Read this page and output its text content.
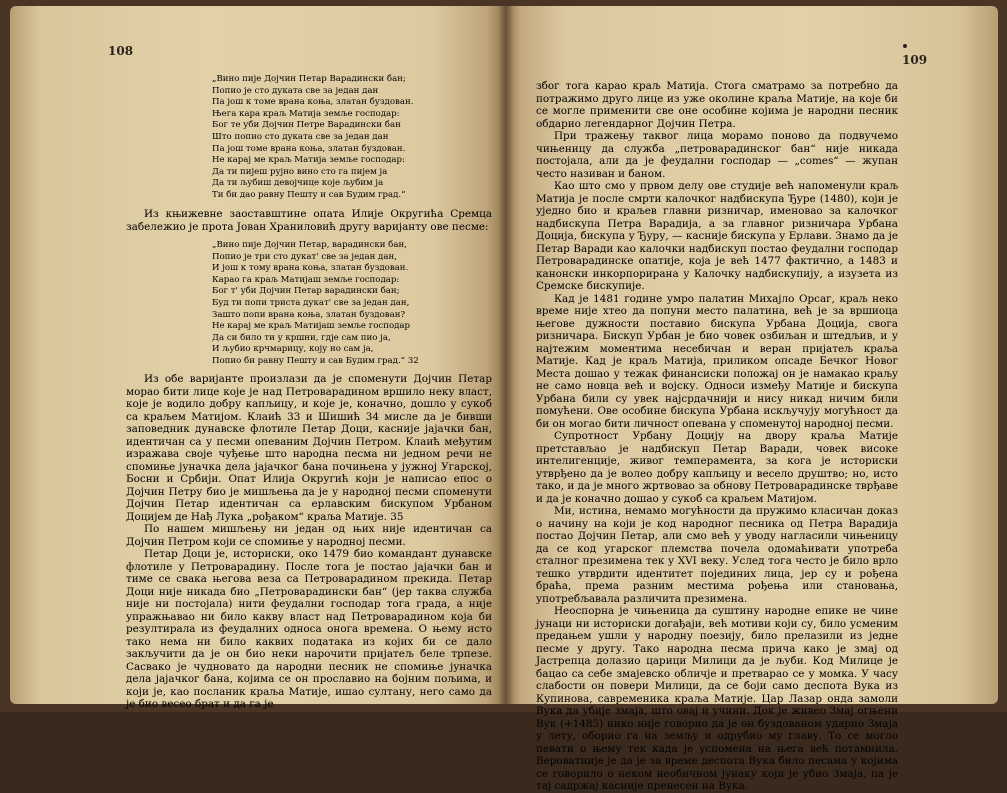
108
109
„Вино пије Дојчин Петар Варадински бан;
Попио је сто дуката све за један дан
Па још к томе врана коња, златан буздован.
Њега кара краљ Матија земље господар:
Бог те уби Дојчин Петре Варадински бан
Што попио сто дуката све за један дан
Па још томе врана коња, златан буздован.
Не карај ме краљ Матија земље господар:
Да ти пијеш рујно вино сто га пијем ја
Да ти љубиш девојчице које љубим ја
Ти би дао равну Пешту и сав Будим град.“

Из књижевне заоставштине опата Илије Округића Сремца забележио је прота Јован Храниловић другу варијанту ове песме:

„Вино пије Дојчин Петар, варадински бан,
Попио је три сто дукат' све за један дан,
И још к тому врана коња, златан буздован.
Карао га краљ Матијаш земље господар:
Бог т' уби Дојчин Петар варадински бан;
Буд ти попи триста дукат' све за један дан,
Зашто попи врана коња, златан буздован?
Не карај ме краљ Матијаш земље господар
Да си било ти у кршни, гдје сам пио ја,
И љубио крчмарицу, коју но сам ја,
Попио би равну Пешту и сав Будим град.“ 32

Из обе варијанте произлази да је споменути Дојчин Петар морао бити лице које је над Петроварадином вршило неку власт, које је водило добру капљицу, и које је, коначно, дошло у сукоб са краљем Матијом. Клаић 33 и Шишић 34 мисле да је бивши заповедник дунавске флотиле Петар Доци, касније јајачки бан, идентичан са у песми опеваним Дојчин Петром. Клаић међутим изражава своје чуђење што народна песма ни једном речи не спомиње јуначка дела јајачког бана почињена у јужној Угарској, Босни и Србији. Опат Илија Округић који је написао епос о Дојчин Петру био је мишљења да је у народној песми споменути Дојчин Петар идентичан са ерлавским бискупом Урбаном Доцијем де Нађ Лука „рођаком“ краља Матије. 35

По нашем мишљењу ни један од њих није идентичан са Дојчин Петром који се спомиње у народној песми.

Петар Доци је, историски, око 1479 био командант дунавске флотиле у Петроварадину. После тога је постао јајачки бан и тиме се свака његова веза са Петроварадином прекида. Петар Доци није никада био „Петроварадински бан“ (јер таква служба није ни постојала) нити феудални господар тога града, а није упражњавао ни било какву власт над Петроварадином која би резултирала из феудалних односа оногa времена. О њему исто тако нема ни било каквих података из којих би се дало закључити да је он био неки нарочити пријатељ беле трпезе. Сасвако је чудновато да народни песник не спомиње јуначка дела јајачког бана, којима се он прославио на бојним пољима, и који је, као посланик краља Матије, ишао султану, него само да је био весео брат и да га је

због тога карао краљ Матија. Стога сматрамо за потребно да потражимо друго лице из уже околине краља Матије, на које би се могле применити све оне особине којима је народни песник обдарио легендарног Дојчин Петра.

При тражењу таквог лица морамо поново да подвучемо чињеницу да служба „петроварадинског бан“ није никада постојала, али да је феудални господар — „comes“ — жупан често називан и баном.

Као што смо у првом делу ове студије већ напоменули краљ Матија је после смрти калочког надбискупа Ђуре (1480), који је уједно био и краљев главни ризничар, именовао за калочког надбискупа Петра Варадија, а за главног ризничара Урбана Доција, бискупа у Ђуру, — касније бискупа у Ерлави. Знамо да је Петар Варади као калочки надбискуп постао феудални господар Петроварадинске опатије, која је већ 1477 фактично, а 1483 и канонски инкорпорирана у Калочку надбискупију, а изузета из Сремске бискупије.

Кад је 1481 године умро палатин Михајло Орсаг, краљ неко време није хтео да попуни место палатина, већ је за вршиоца његове дужности поставио бискупа Урбана Доција, свога ризничара. Бискуп Урбан је био човек озбиљан и штедљив, и у најтежим моментима несебичан и веран пријатељ краља Матије. Кад је краљ Матија, приликом опсаде Бечког Новог Места дошао у тежак финансиски положај он је намакао краљу не само новца већ и војску. Односи између Матије и бискупа Урбана били су увек најсрдачнији и нису никад ничим били помућени. Ове особине бискупа Урбана искључују могућност да би он могао бити личност опевана у споменутој народној песми.

Супротност Урбану Доцију на двору краља Матије претстављао је надбискуп Петар Варади, човек високе интелигенције, живог темперамента, за кога је историски утврђено да је волео добру капљицу и весело друштво; но, исто тако, и да је много жртвовао за обнову Петроварадинске тврђаве и да је коначно дошао у сукоб са краљем Матијом.

Ми, истина, немамо могућности да пружимо класичан доказ о начину на који је код народног песника од Петра Варадија постао Дојчин Петар, али смо већ у уводу нагласили чињеницу да се код угарског племства почела одомаћивати употреба сталног презимена тек у XVI веку. Услед тога често је било врло тешко утврдити идентитет појединих лица, јер су и рођена браћа, према разним местима рођења или становања, употребљавала различита презимена.

Неоспорна је чињеница да суштину народне епике не чине јунаци ни историски догађаји, већ мотиви који су, било усменим предањем ушли у народну поезију, било прелазили из једне песме у другу. Тако народна песма прича како је змај од Јастрепца долазио царици Милици да је љуби. Код Милице је бацао са себе змајевско обличје и претварао се у момка. У часу слабости он повери Милици, да се боји само деспота Вука из Купинова, савременика краља Матије. Цар Лазар онда замоли Вука да убије змаја, што овај и учини. Док је живео Змај огњени Вук (+1485) нико није говорио да је он буздованом ударио Змаја у лету, оборио га на земљу и одрубио му главу. То се могло певати о њему тек када је успомена на њега већ потамнила. Вероватније је да је за време деспота Вука било песама у којима се говорило о неком необичном јунаку који је убио Змаја, па је тај садржај касније пренесен на Вука.
